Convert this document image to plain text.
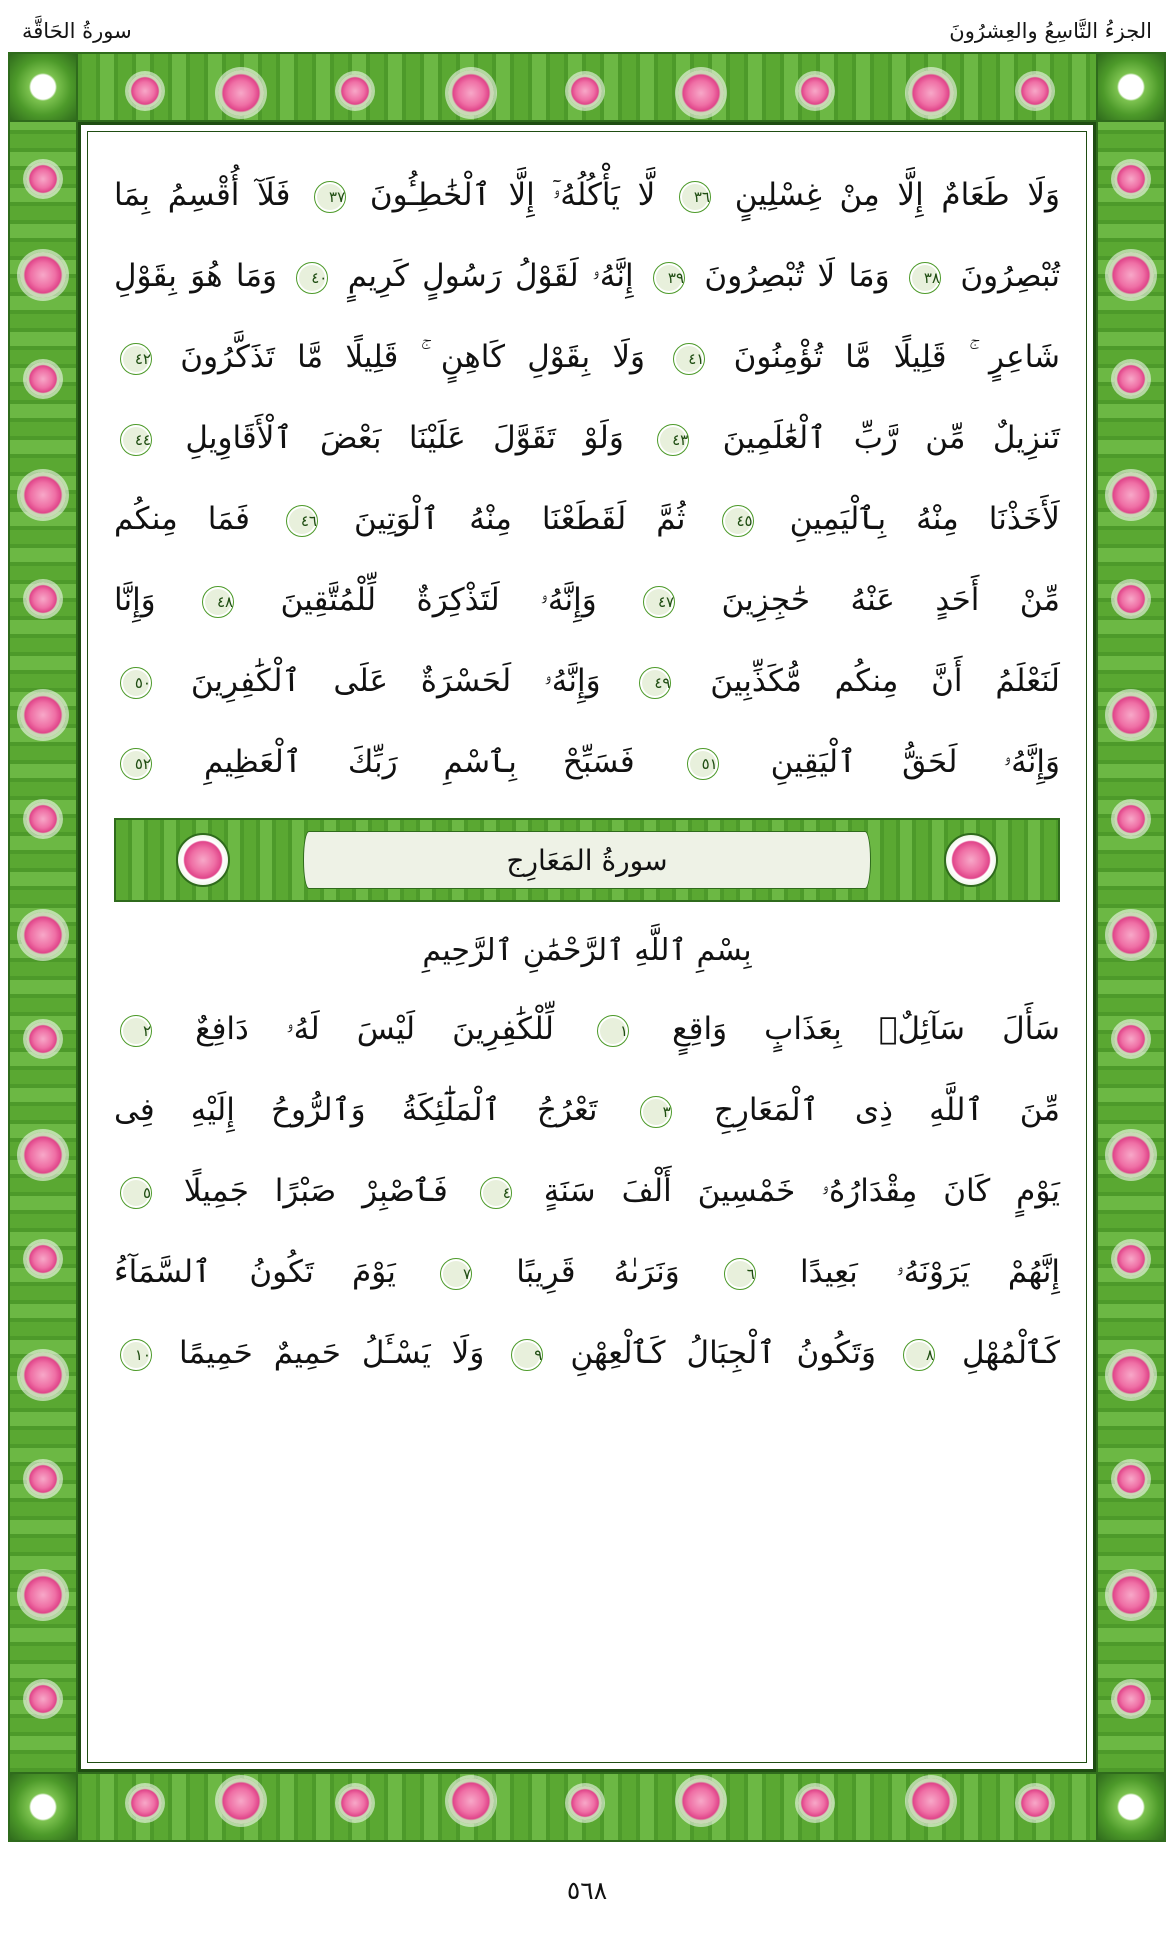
الجزءُ التَّاسِعُ والعِشرُونَ
سورةُ الحَاقَّة
وَلَا طَعَامٌ إِلَّا مِنْ غِسْلِينٍ ٣٦ لَّا يَأْكُلُهُۥٓ إِلَّا ٱلْخَٰطِـُٔونَ ٣٧ فَلَآ أُقْسِمُ بِمَا
تُبْصِرُونَ ٣٨ وَمَا لَا تُبْصِرُونَ ٣٩ إِنَّهُۥ لَقَوْلُ رَسُولٍ كَرِيمٍ ٤٠ وَمَا هُوَ بِقَوْلِ
شَاعِرٍ ۚ قَلِيلًا مَّا تُؤْمِنُونَ ٤١ وَلَا بِقَوْلِ كَاهِنٍ ۚ قَلِيلًا مَّا تَذَكَّرُونَ ٤٢
تَنزِيلٌ مِّن رَّبِّ ٱلْعَٰلَمِينَ ٤٣ وَلَوْ تَقَوَّلَ عَلَيْنَا بَعْضَ ٱلْأَقَاوِيلِ ٤٤
لَأَخَذْنَا مِنْهُ بِٱلْيَمِينِ ٤٥ ثُمَّ لَقَطَعْنَا مِنْهُ ٱلْوَتِينَ ٤٦ فَمَا مِنكُم
مِّنْ أَحَدٍ عَنْهُ حَٰجِزِينَ ٤٧ وَإِنَّهُۥ لَتَذْكِرَةٌ لِّلْمُتَّقِينَ ٤٨ وَإِنَّا
لَنَعْلَمُ أَنَّ مِنكُم مُّكَذِّبِينَ ٤٩ وَإِنَّهُۥ لَحَسْرَةٌ عَلَى ٱلْكَٰفِرِينَ ٥٠
وَإِنَّهُۥ لَحَقُّ ٱلْيَقِينِ ٥١ فَسَبِّحْ بِٱسْمِ رَبِّكَ ٱلْعَظِيمِ ٥٢
سورةُ المَعَارِج
بِسْمِ ٱللَّهِ ٱلرَّحْمَٰنِ ٱلرَّحِيمِ
سَأَلَ سَآئِلٌۢ بِعَذَابٍ وَاقِعٍ ١ لِّلْكَٰفِرِينَ لَيْسَ لَهُۥ دَافِعٌ ٢
مِّنَ ٱللَّهِ ذِى ٱلْمَعَارِجِ ٣ تَعْرُجُ ٱلْمَلَٰٓئِكَةُ وَٱلرُّوحُ إِلَيْهِ فِى
يَوْمٍ كَانَ مِقْدَارُهُۥ خَمْسِينَ أَلْفَ سَنَةٍ ٤ فَٱصْبِرْ صَبْرًا جَمِيلًا ٥
إِنَّهُمْ يَرَوْنَهُۥ بَعِيدًا ٦ وَنَرَىٰهُ قَرِيبًا ٧ يَوْمَ تَكُونُ ٱلسَّمَآءُ
كَٱلْمُهْلِ ٨ وَتَكُونُ ٱلْجِبَالُ كَٱلْعِهْنِ ٩ وَلَا يَسْـَٔلُ حَمِيمٌ حَمِيمًا ١٠
٥٦٨
